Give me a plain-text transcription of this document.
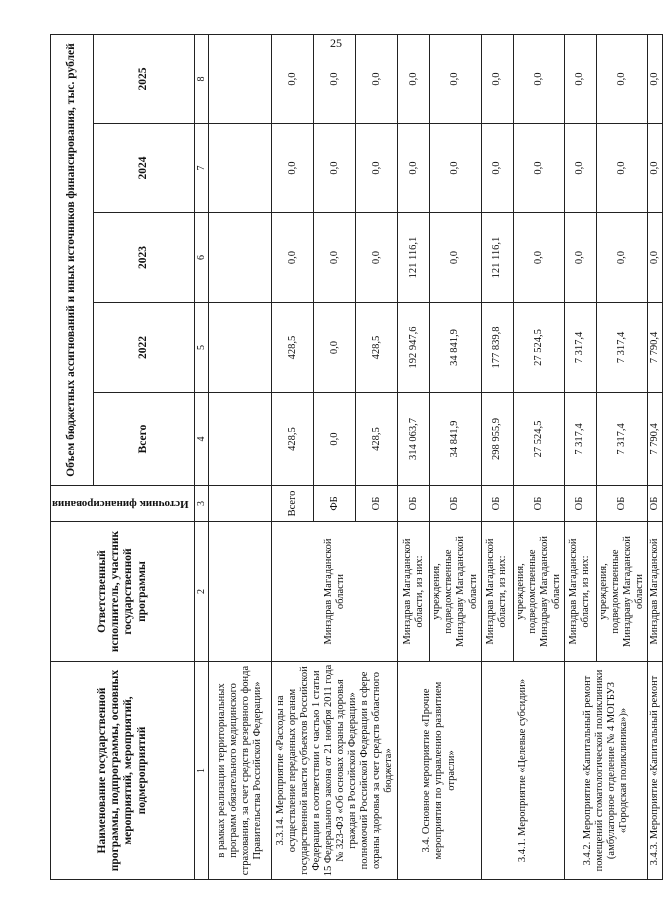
25
Наименование государственной программы, подпрограммы, основных мероприятий, мероприятий, подмероприятий	Ответственный исполнитель, участник государственной программы	Источник финансирования	Объем бюджетных ассигнований и иных источников финансирования, тыс. рублей				
			Всего	2022	2023	2024	2025
1	2	3	4	5	6	7	8
в рамках реализации территориальных программ обязательного медицинского страхования, за счет средств резервного фонда Правительства Российской Федерации»							
3.3.14. Мероприятие «Расходы на осуществление переданных органам государственной власти субъектов Российской Федерации в соответствии с частью 1 статьи 15 Федерального закона от 21 ноября 2011 года № 323-ФЗ «Об основах охраны здоровья граждан в Российской Федерации» полномочий Российской Федерации в сфере охраны здоровья за счет средств областного бюджета»	Минздрав Магаданской области	Всего	428,5	428,5	0,0	0,0	0,0
		ФБ	0,0	0,0	0,0	0,0	0,0
		ОБ	428,5	428,5	0,0	0,0	0,0
3.4. Основное мероприятие «Прочие мероприятия по управлению развитием отрасли»	Минздрав Магаданской области, из них:	ОБ	314 063,7	192 947,6	121 116,1	0,0	0,0
	учреждения, подведомственные Минздраву Магаданской области	ОБ	34 841,9	34 841,9	0,0	0,0	0,0
3.4.1. Мероприятие «Целевые субсидии»	Минздрав Магаданской области, из них:	ОБ	298 955,9	177 839,8	121 116,1	0,0	0,0
	учреждения, подведомственные Минздраву Магаданской области	ОБ	27 524,5	27 524,5	0,0	0,0	0,0
3.4.2. Мероприятие «Капитальный ремонт помещений стоматологической поликлиники (амбулаторное отделение № 4 МОГБУЗ «Городская поликлиника»)»	Минздрав Магаданской области, из них:	ОБ	7 317,4	7 317,4	0,0	0,0	0,0
	учреждения, подведомственные Минздраву Магаданской области	ОБ	7 317,4	7 317,4	0,0	0,0	0,0
3.4.3. Мероприятие «Капитальный ремонт	Минздрав Магаданской	ОБ	7 790,4	7 790,4	0,0	0,0	0,0
